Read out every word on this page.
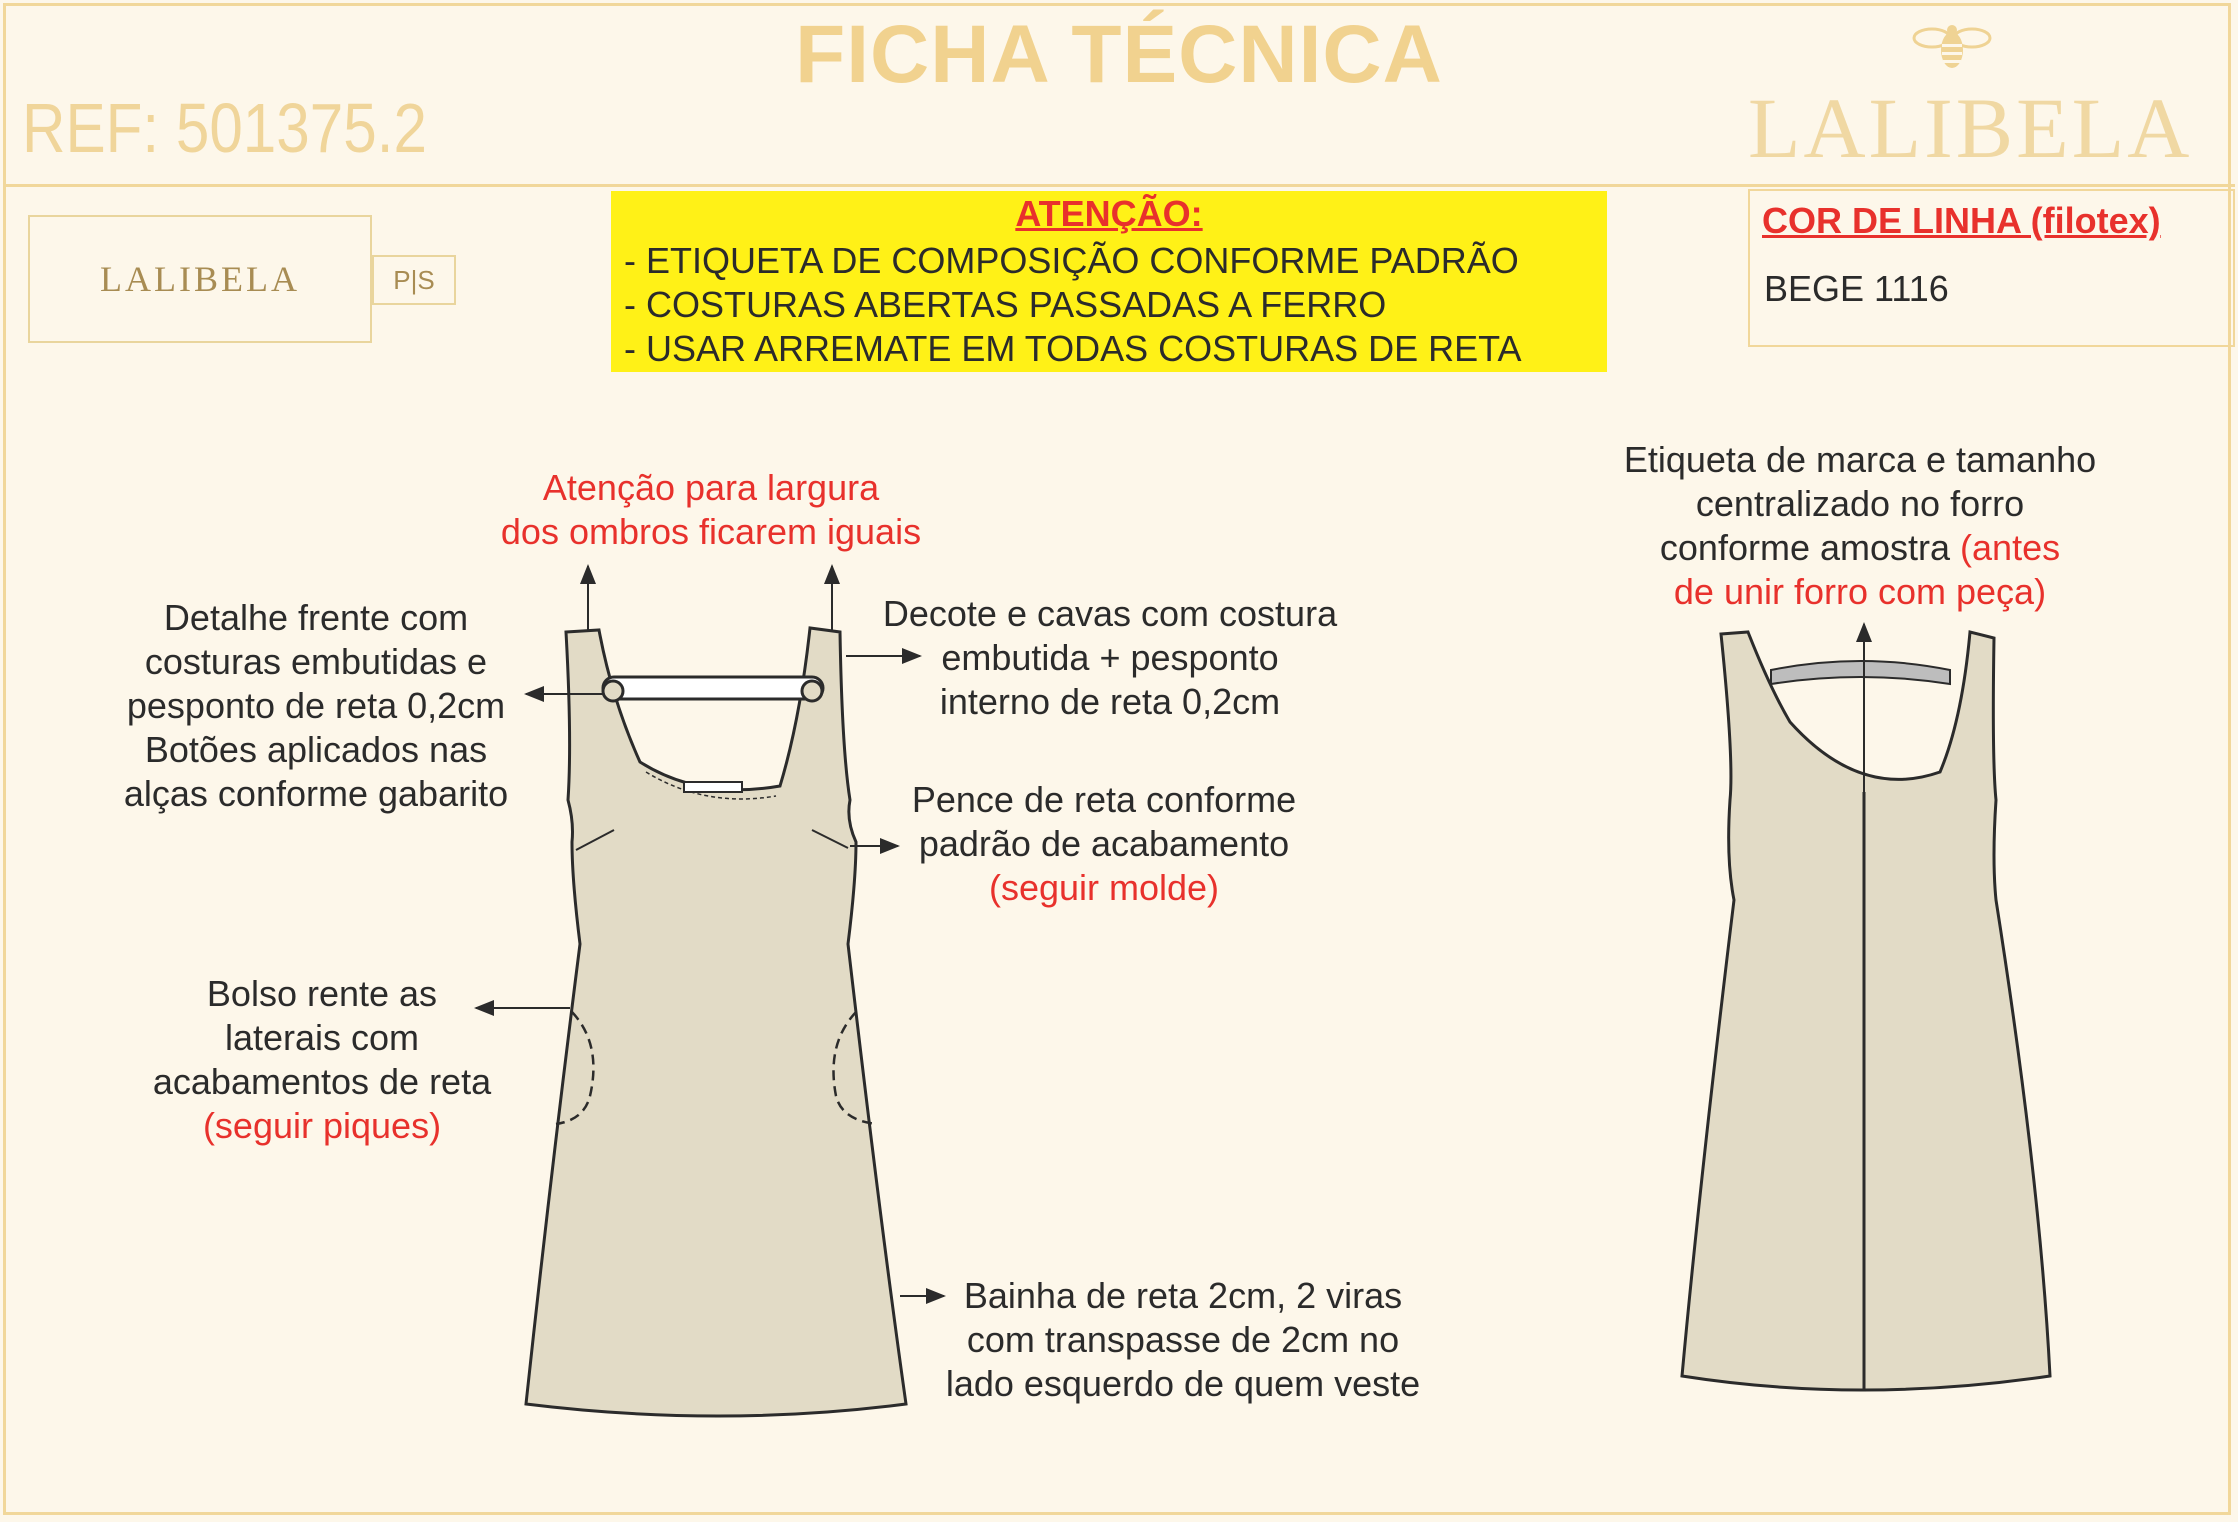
FICHA TÉCNICA
REF: 501375.2	LALIBELA
LALIBELA	P|S
ATENÇÃO:
- ETIQUETA DE COMPOSIÇÃO CONFORME PADRÃO
- COSTURAS ABERTAS PASSADAS A FERRO
- USAR ARREMATE EM TODAS COSTURAS DE RETA
COR DE LINHA (filotex)
BEGE 1116
Atenção para largura
dos ombros ficarem iguais
Detalhe frente com
costuras embutidas e
pesponto de reta 0,2cm
Botões aplicados nas
alças conforme gabarito
Decote e cavas com costura
embutida + pesponto
interno de reta 0,2cm
Pence de reta conforme
padrão de acabamento
(seguir molde)
Bolso rente as
laterais com
acabamentos de reta
(seguir piques)
Bainha de reta 2cm, 2 viras
com transpasse de 2cm no
lado esquerdo de quem veste
Etiqueta de marca e tamanho
centralizado no forro
conforme amostra (antes
de unir forro com peça)
